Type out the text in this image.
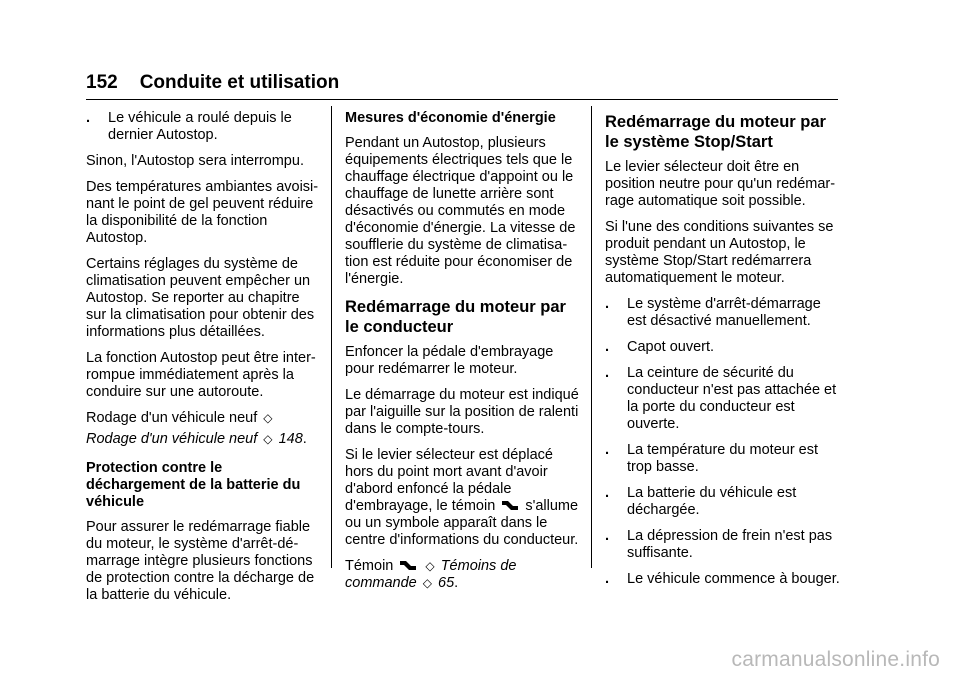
152 Conduite et utilisation
.	Le véhicule a roulé depuis le dernier Autostop.

Sinon, l'Autostop sera interrompu.

Des températures ambiantes avoisi-nant le point de gel peuvent réduire la disponibilité de la fonction Autostop.

Certains réglages du système de climatisation peuvent empêcher un Autostop. Se reporter au chapitre sur la climatisation pour obtenir des informations plus détaillées.

La fonction Autostop peut être inter-rompue immédiatement après la conduire sur une autoroute.

Rodage d'un véhicule neuf ◇

Rodage d'un véhicule neuf ◇ 148.

Protection contre le déchargement de la batterie du véhicule

Pour assurer le redémarrage fiable du moteur, le système d'arrêt-dé-marrage intègre plusieurs fonctions de protection contre la décharge de la batterie du véhicule.

Mesures d'économie d'énergie

Pendant un Autostop, plusieurs équipements électriques tels que le chauffage électrique d'appoint ou le chauffage de lunette arrière sont désactivés ou commutés en mode d'économie d'énergie. La vitesse de soufflerie du système de climatisa-tion est réduite pour économiser de l'énergie.

Redémarrage du moteur par le conducteur

Enfoncer la pédale d'embrayage pour redémarrer le moteur.

Le démarrage du moteur est indiqué par l'aiguille sur la position de ralenti dans le compte-tours.

Si le levier sélecteur est déplacé hors du point mort avant d'avoir d'abord enfoncé la pédale d'embrayage, le témoin s'allume ou un symbole apparaît dans le centre d'informations du conducteur.

Témoin	◇ Témoins de commande ◇ 65.

Redémarrage du moteur par le système Stop/Start

Le levier sélecteur doit être en position neutre pour qu'un redémar-rage automatique soit possible.

Si l'une des conditions suivantes se produit pendant un Autostop, le système Stop/Start redémarrera automatiquement le moteur.

.	Le système d'arrêt-démarrage est désactivé manuellement.
.	Capot ouvert.
.	La ceinture de sécurité du conducteur n'est pas attachée et la porte du conducteur est ouverte.
.	La température du moteur est trop basse.
.	La batterie du véhicule est déchargée.
.	La dépression de frein n'est pas suffisante.
.	Le véhicule commence à bouger.
carmanualsonline.info
